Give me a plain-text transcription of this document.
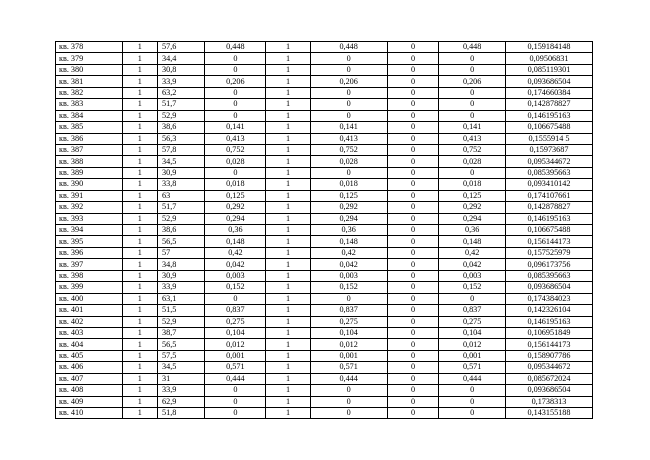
кв. 378	1	57,6	0,448	1	0,448	0	0,448	0,159184148	
кв. 379	1	34,4	0	1	0	0	0	0,09506831	
кв. 380	1	30,8	0	1	0	0	0	0,085119301	
кв. 381	1	33,9	0,206	1	0,206	0	0,206	0,093686504	
кв. 382	1	63,2	0	1	0	0	0	0,174660384	
кв. 383	1	51,7	0	1	0	0	0	0,142878827	
кв. 384	1	52,9	0	1	0	0	0	0,146195163	
кв. 385	1	38,6	0,141	1	0,141	0	0,141	0,106675488	
кв. 386	1	56,3	0,413	1	0,413	0	0,413	0,1555914 5	
кв. 387	1	57,8	0,752	1	0,752	0	0,752	0,15973687	
кв. 388	1	34,5	0,028	1	0,028	0	0,028	0,095344672	
кв. 389	1	30,9	0	1	0	0	0	0,085395663	
кв. 390	1	33,8	0,018	1	0,018	0	0,018	0,093410142	
кв. 391	1	63	0,125	1	0,125	0	0,125	0,174107661	
кв. 392	1	51,7	0,292	1	0,292	0	0,292	0,142878827	
кв. 393	1	52,9	0,294	1	0,294	0	0,294	0,146195163	
кв. 394	1	38,6	0,36	1	0,36	0	0,36	0,106675488	
кв. 395	1	56,5	0,148	1	0,148	0	0,148	0,156144173	
кв. 396	1	57	0,42	1	0,42	0	0,42	0,157525979	
кв. 397	1	34,8	0,042	1	0,042	0	0,042	0,096173756	
кв. 398	1	30,9	0,003	1	0,003	0	0,003	0,085395663	
кв. 399	1	33,9	0,152	1	0,152	0	0,152	0,093686504	
кв. 400	1	63,1	0	1	0	0	0	0,174384023	
кв. 401	1	51,5	0,837	1	0,837	0	0,837	0,142326104	
кв. 402	1	52,9	0,275	1	0,275	0	0,275	0,146195163	
кв. 403	1	38,7	0,104	1	0,104	0	0,104	0,106951849	
кв. 404	1	56,5	0,012	1	0,012	0	0,012	0,156144173	
кв. 405	1	57,5	0,001	1	0,001	0	0,001	0,158907786	
кв. 406	1	34,5	0,571	1	0,571	0	0,571	0,095344672	
кв. 407	1	31	0,444	1	0,444	0	0,444	0,085672024	
кв. 408	1	33,9	0	1	0	0	0	0,093686504	
кв. 409	1	62,9	0	1	0	0	0	0,1738313	
кв. 410	1	51,8	0	1	0	0	0	0,143155188	
